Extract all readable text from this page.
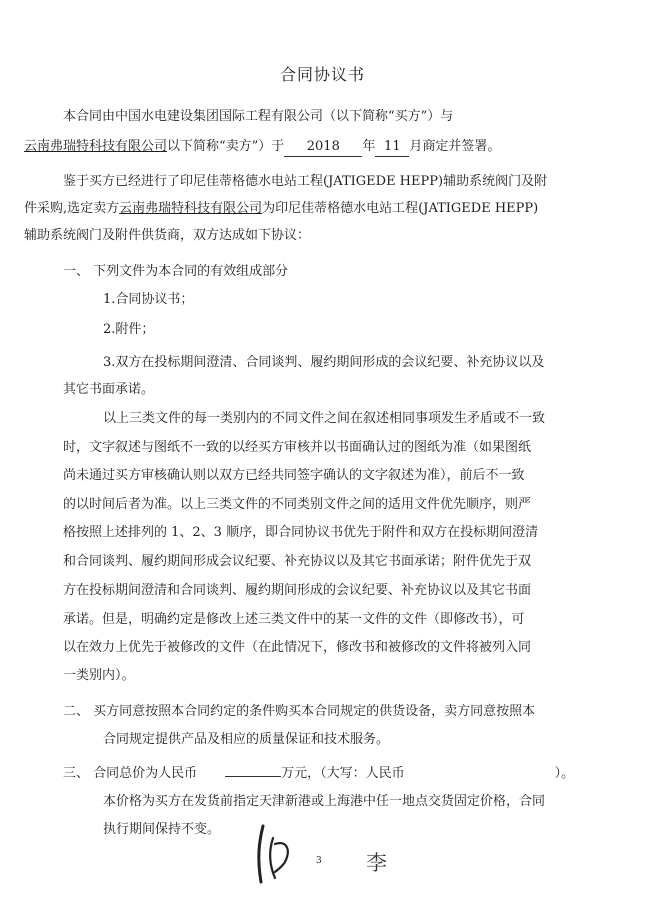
合同协议书
本合同由中国水电建设集团国际工程有限公司（以下简称“买方”）与
云南弗瑞特科技有限公司以下简称“卖方”）于 2018 年 11 月商定并签署。
鉴于买方已经进行了印尼佳蒂格德水电站工程(JATIGEDE HEPP)辅助系统阀门及附
件采购,选定卖方云南弗瑞特科技有限公司为印尼佳蒂格德水电站工程(JATIGEDE HEPP)
辅助系统阀门及附件供货商，双方达成如下协议：
一、 下列文件为本合同的有效组成部分
1.合同协议书；
2.附件；
3.双方在投标期间澄清、合同谈判、履约期间形成的会议纪要、补充协议以及
其它书面承诺。
以上三类文件的每一类别内的不同文件之间在叙述相同事项发生矛盾或不一致
时，文字叙述与图纸不一致的以经买方审核并以书面确认过的图纸为准（如果图纸
尚未通过买方审核确认则以双方已经共同签字确认的文字叙述为准），前后不一致
的以时间后者为准。以上三类文件的不同类别文件之间的适用文件优先顺序，则严
格按照上述排列的 1、2、3 顺序，即合同协议书优先于附件和双方在投标期间澄清
和合同谈判、履约期间形成会议纪要、补充协议以及其它书面承诺；附件优先于双
方在投标期间澄清和合同谈判、履约期间形成的会议纪要、补充协议以及其它书面
承诺。但是，明确约定是修改上述三类文件中的某一文件的文件（即修改书），可
以在效力上优先于被修改的文件（在此情况下，修改书和被修改的文件将被列入同
一类别内）。
二、 买方同意按照本合同约定的条件购买本合同规定的供货设备，卖方同意按照本
合同规定提供产品及相应的质量保证和技术服务。
三、 合同总价为人民币	万元，（大写：人民币	）。
本价格为买方在发货前指定天津新港或上海港中任一地点交货固定价格，合同
执行期间保持不变。
3 李
